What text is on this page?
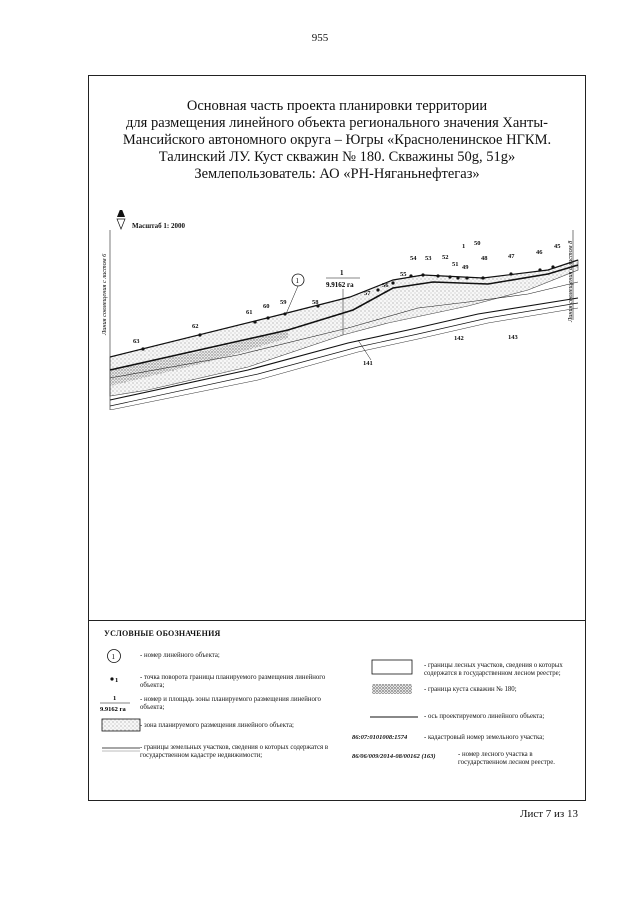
955
Основная часть проекта планировки территории
для размещения линейного объекта регионального значения Ханты-
Мансийского автономного округа – Югры «Красноленинское НГКМ.
Талинский ЛУ. Куст скважин № 180. Скважины 50g, 51g»
Землепользователь: АО «РН-Няганьнефтегаз»
63
62
61
60
59	58
57
56
55
54 53 52
51 49
50
48	47
46
45
1
1
1
9.9162 га
141
142	143
Линия совмещения с листом 6	Линия совмещения с листом 8
Масштаб 1: 2000
УСЛОВНЫЕ ОБОЗНАЧЕНИЯ
1
1
1
9.9162 га
- номер линейного объекта;
- точка поворота границы планируемого размещения линейного объекта;
- номер и площадь зоны планируемого размещения линейного объекта;
- зона планируемого размещения линейного объекта;
- границы земельных участков, сведения о которых содержатся в государственном кадастре недвижимости;
- границы лесных участков, сведения о которых содержатся в государственном лесном реестре;
- граница куста скважин № 180;
- ось проектируемого линейного объекта;
86:07:0101008:1574 - кадастровый номер земельного участка;
86/06/009/2014-08/00162 (163)	- номер лесного участка в государственном лесном реестре.
Лист 7 из 13
